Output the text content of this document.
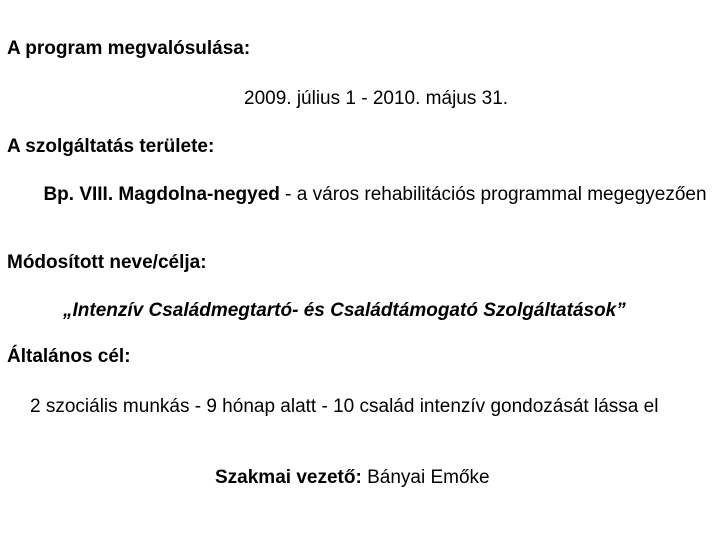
A program megvalósulása:
2009. július 1 - 2010. május 31.
A szolgáltatás területe:
Bp. VIII. Magdolna-negyed - a város rehabilitációs programmal megegyezően
Módosított neve/célja:
„Intenzív Családmegtartó- és Családtámogató Szolgáltatások”
Általános cél:
2 szociális munkás - 9 hónap alatt - 10 család intenzív gondozását lássa el
Szakmai vezető: Bányai Emőke
